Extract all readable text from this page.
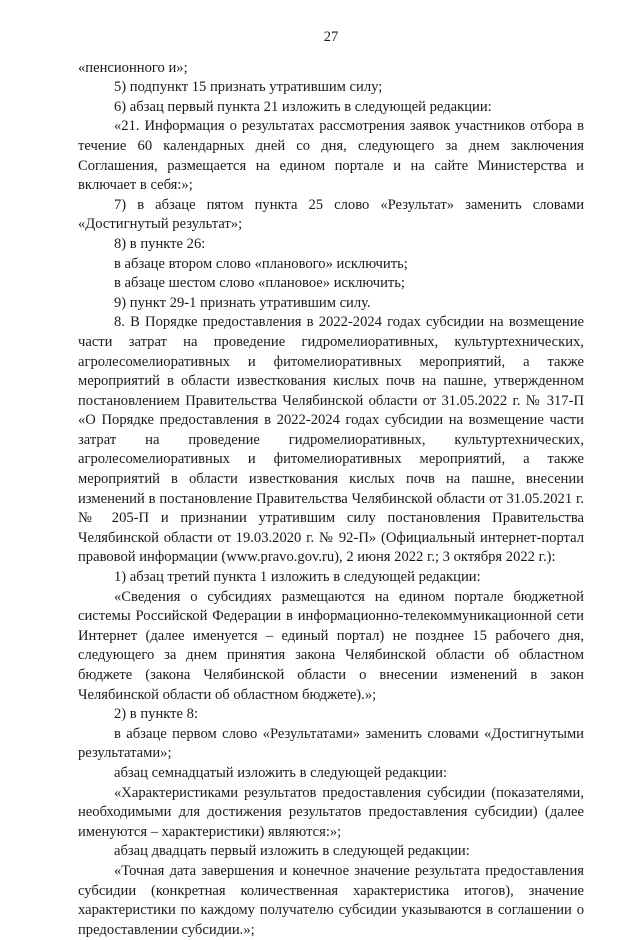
27

«пенсионного и»;

5) подпункт 15 признать утратившим силу;

6) абзац первый пункта 21 изложить в следующей редакции:

«21. Информация о результатах рассмотрения заявок участников отбора в течение 60 календарных дней со дня, следующего за днем заключения Соглашения, размещается на едином портале и на сайте Министерства и включает в себя:»;

7) в абзаце пятом пункта 25 слово «Результат» заменить словами «Достигнутый результат»;

8) в пункте 26:

в абзаце втором слово «планового» исключить;

в абзаце шестом слово «плановое» исключить;

9) пункт 29-1 признать утратившим силу.

8. В Порядке предоставления в 2022-2024 годах субсидии на возмещение части затрат на проведение гидромелиоративных, культуртехнических, агролесомелиоративных и фитомелиоративных мероприятий, а также мероприятий в области известкования кислых почв на пашне, утвержденном постановлением Правительства Челябинской области от 31.05.2022 г. № 317-П «О Порядке предоставления в 2022-2024 годах субсидии на возмещение части затрат на проведение гидромелиоративных, культуртехнических, агролесомелиоративных и фитомелиоративных мероприятий, а также мероприятий в области известкования кислых почв на пашне, внесении изменений в постановление Правительства Челябинской области от 31.05.2021 г. № 205-П и признании утратившим силу постановления Правительства Челябинской области от 19.03.2020 г. № 92-П» (Официальный интернет-портал правовой информации (www.pravo.gov.ru), 2 июня 2022 г.; 3 октября 2022 г.):

1) абзац третий пункта 1 изложить в следующей редакции:

«Сведения о субсидиях размещаются на едином портале бюджетной системы Российской Федерации в информационно-телекоммуникационной сети Интернет (далее именуется – единый портал) не позднее 15 рабочего дня, следующего за днем принятия закона Челябинской области об областном бюджете (закона Челябинской области о внесении изменений в закон Челябинской области об областном бюджете).»;

2) в пункте 8:

в абзаце первом слово «Результатами» заменить словами «Достигнутыми результатами»;

абзац семнадцатый изложить в следующей редакции:

«Характеристиками результатов предоставления субсидии (показателями, необходимыми для достижения результатов предоставления субсидии) (далее именуются – характеристики) являются:»;

абзац двадцать первый изложить в следующей редакции:

«Точная дата завершения и конечное значение результата предоставления субсидии (конкретная количественная характеристика итогов), значение характеристики по каждому получателю субсидии указываются в соглашении о предоставлении субсидии.»;
